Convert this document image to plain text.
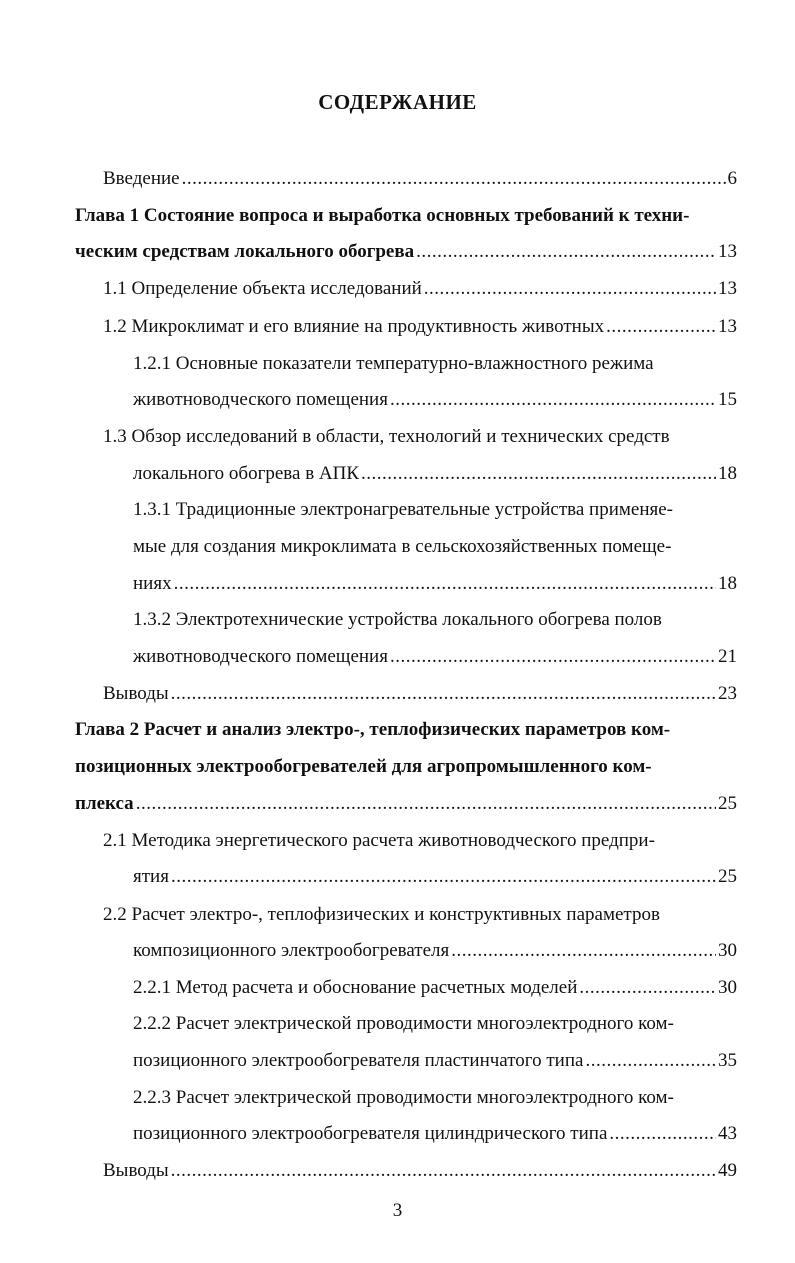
СОДЕРЖАНИЕ
Введение .....	6
Глава 1 Состояние вопроса и выработка основных требований к техни-
ческим средствам локального обогрева .....	13
1.1 Определение объекта исследований .....	13
1.2 Микроклимат и его влияние на продуктивность животных .....	13
1.2.1 Основные показатели температурно-влажностного режима
животноводческого помещения .....	15
1.3 Обзор исследований в области, технологий и технических средств
локального обогрева в АПК .....	18
1.3.1 Традиционные электронагревательные устройства применяе-
мые для создания микроклимата в сельскохозяйственных помеще-
ниях .....	18
1.3.2 Электротехнические устройства локального обогрева полов
животноводческого помещения .....	21
Выводы .....	23
Глава 2 Расчет и анализ электро-, теплофизических параметров ком-
позиционных электрообогревателей для агропромышленного ком-
плекса .....	25
2.1 Методика энергетического расчета животноводческого предпри-
ятия .....	25
2.2 Расчет электро-, теплофизических и конструктивных параметров
композиционного электрообогревателя .....	30
2.2.1 Метод расчета и обоснование расчетных моделей .....	30
2.2.2 Расчет электрической проводимости многоэлектродного ком-
позиционного электрообогревателя пластинчатого типа .....	35
2.2.3 Расчет электрической проводимости многоэлектродного ком-
позиционного электрообогревателя цилиндрического типа .....	43
Выводы .....	49
3
